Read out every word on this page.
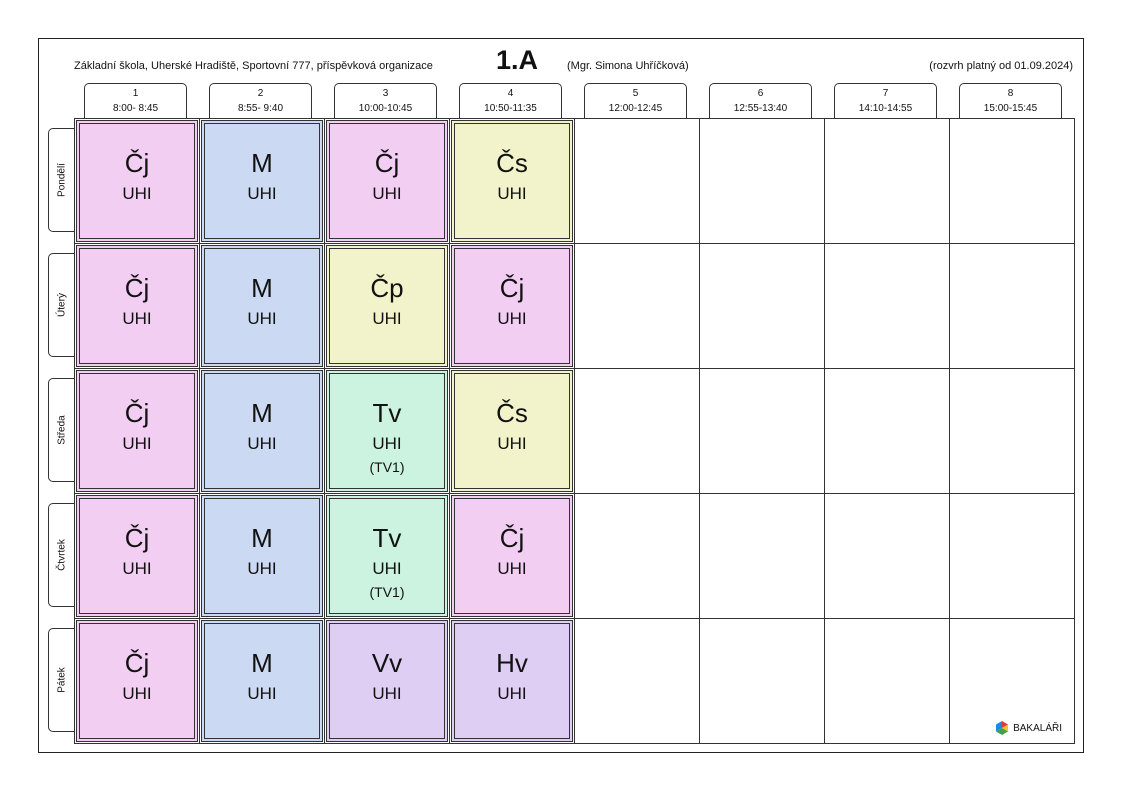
Základní škola, Uherské Hradiště, Sportovní 777, příspěvková organizace 1.A	(Mgr. Simona Uhříčková)	(rozvrh platný od 01.09.2024)
1
8:00- 8:45
2
8:55- 9:40
3
10:00-10:45
4
10:50-11:35
5
12:00-12:45
6
12:55-13:40
7
14:10-14:55
8
15:00-15:45
Pondělí
Úterý
Středa
Čtvrtek
Pátek
BAKALÁŘI
Čj
UHI
M
UHI
Čj
UHI
Čs
UHI
Čj
UHI
M
UHI
Čp
UHI
Čj
UHI
Čj
UHI
M
UHI
Tv
UHI
(TV1)
Čs
UHI
Čj
UHI
M
UHI
Tv
UHI
(TV1)
Čj
UHI
Čj
UHI
M
UHI
Vv
UHI
Hv
UHI
